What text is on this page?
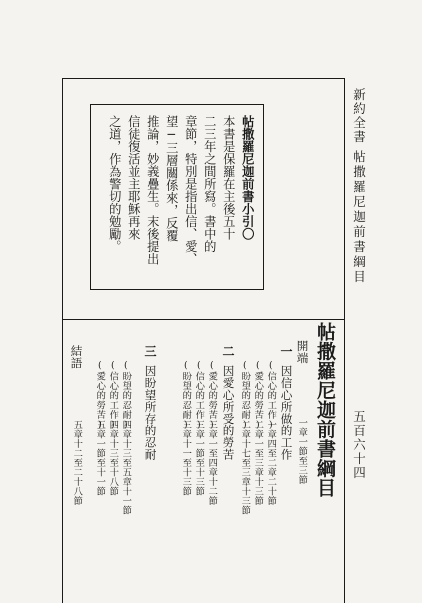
新約全書
帖撒羅尼迦前書綱目
五百六十四
帖撒羅尼迦前書小引〇
本書是保羅在主後五十
二三年之間所寫。書中的
章節，特別是指出信、愛、
望─三層關係來，反覆
推論，妙義疊生。末後提出
信徒復活並主耶穌再來
之道，作為警切的勉勵。
帖撒羅尼迦前書綱目
開端
一章一節至三節
一
因信心所做的工作
(信心的工作)
一章四至二章二十節
(愛心的勞苦)
二章一至三章十三節
(盼望的忍耐)
二章十七至三章十三節
二
因愛心所受的勞苦
(愛心的勞苦)
三章一至四章十二節
(信心的工作)
三章一節至十三節
(盼望的忍耐)
三章十一至十三節
三
因盼望所存的忍耐
(盼望的忍耐)
四章十三至五章十一節
(信心的工作)
四章十三至十八節
(愛心的勞苦)
五章一節至十一節
結語
五章十二至二十八節
